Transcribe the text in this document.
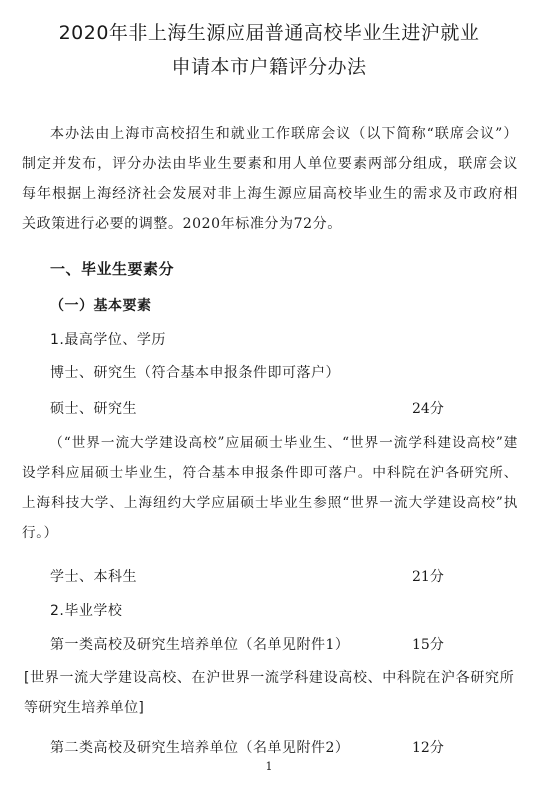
2020年非上海生源应届普通高校毕业生进沪就业
申请本市户籍评分办法

本办法由上海市高校招生和就业工作联席会议（以下简称“联席会议”）制定并发布，评分办法由毕业生要素和用人单位要素两部分组成，联席会议每年根据上海经济社会发展对非上海生源应届高校毕业生的需求及市政府相关政策进行必要的调整。2020年标准分为72分。

一、毕业生要素分
（一）基本要素
1.最高学位、学历
博士、研究生（符合基本申报条件即可落户）
硕士、研究生	24分

（“世界一流大学建设高校”应届硕士毕业生、“世界一流学科建设高校”建设学科应届硕士毕业生，符合基本申报条件即可落户。中科院在沪各研究所、上海科技大学、上海纽约大学应届硕士毕业生参照“世界一流大学建设高校”执行。）

学士、本科生	21分
2.毕业学校
第一类高校及研究生培养单位（名单见附件1）	15分

[世界一流大学建设高校、在沪世界一流学科建设高校、中科院在沪各研究所等研究生培养单位]

第二类高校及研究生培养单位（名单见附件2）	12分
1
